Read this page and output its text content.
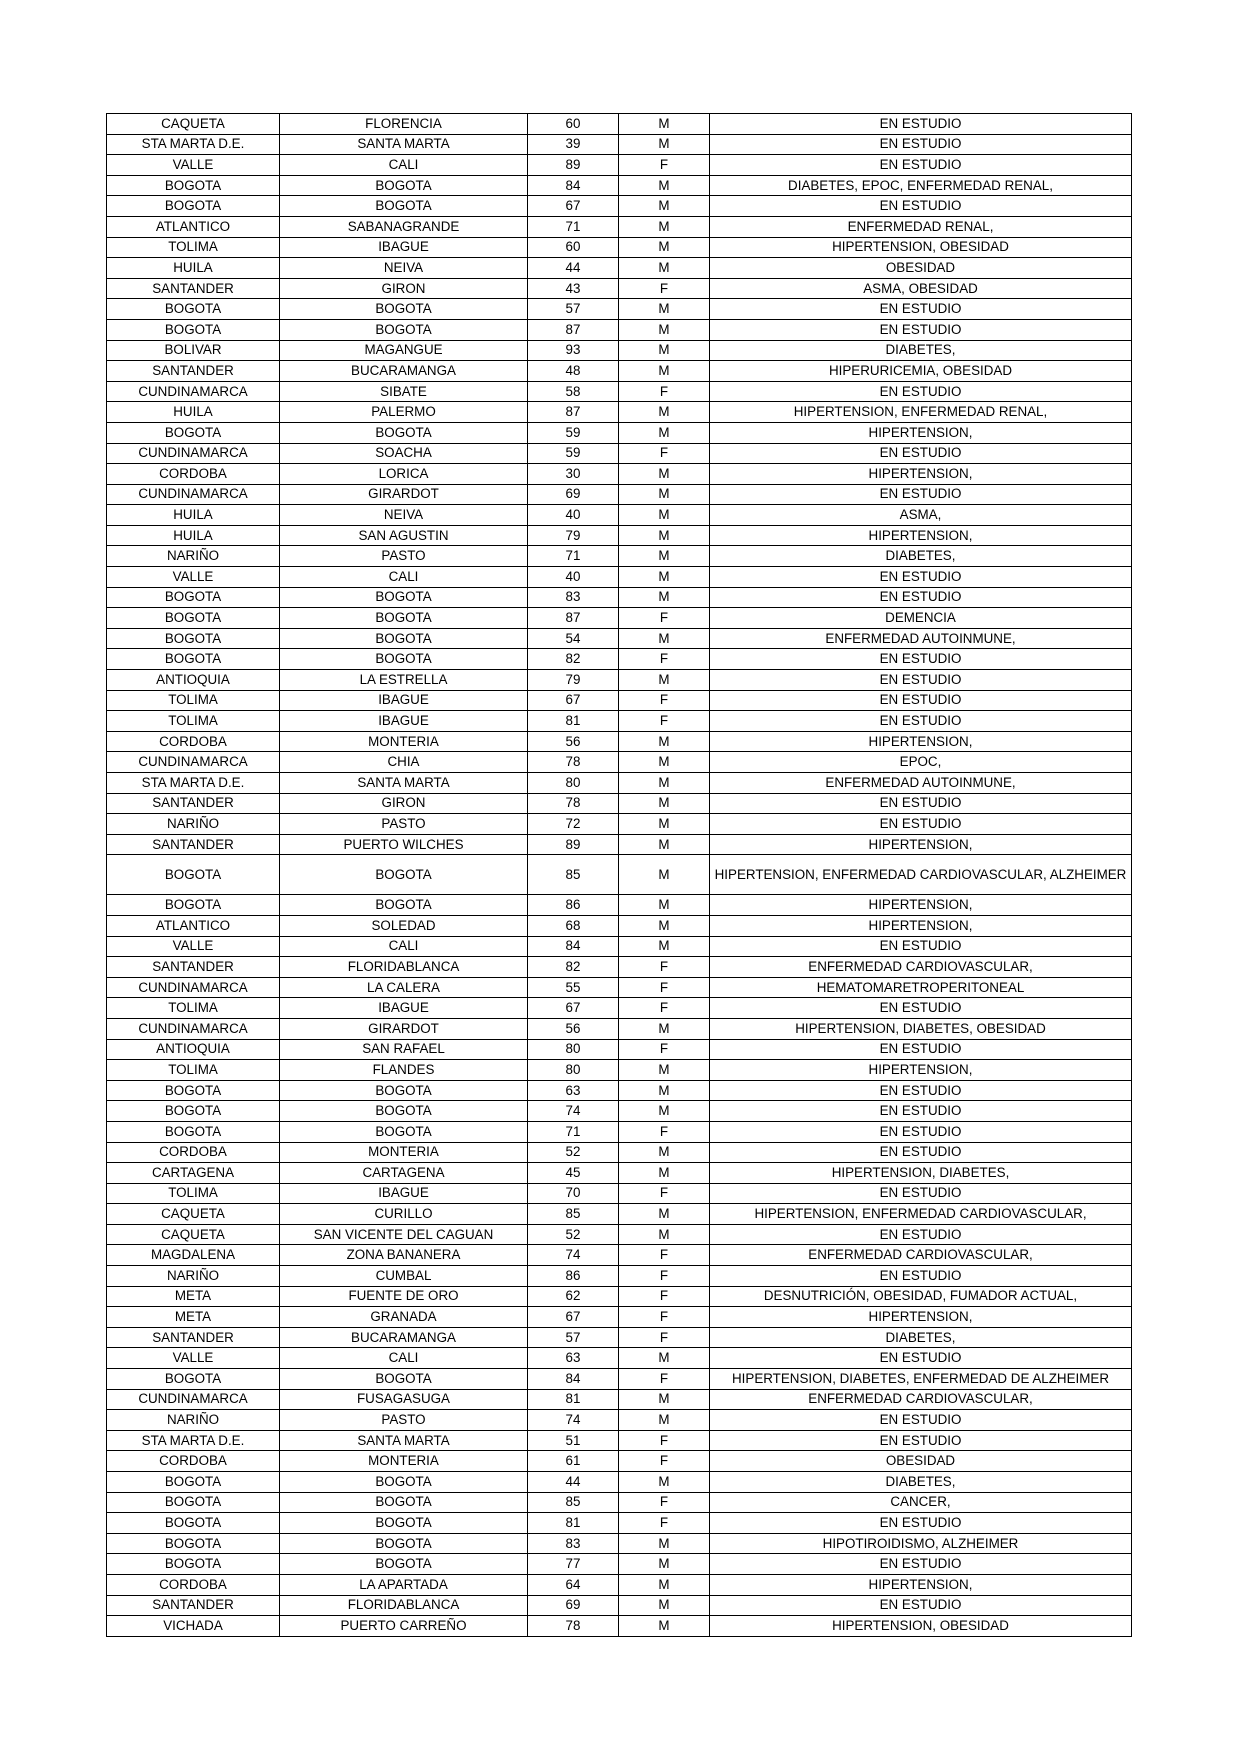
CAQUETA	FLORENCIA	60	M	EN ESTUDIO
STA MARTA D.E.	SANTA MARTA	39	M	EN ESTUDIO
VALLE	CALI	89	F	EN ESTUDIO
BOGOTA	BOGOTA	84	M	DIABETES, EPOC, ENFERMEDAD RENAL,
BOGOTA	BOGOTA	67	M	EN ESTUDIO
ATLANTICO	SABANAGRANDE	71	M	ENFERMEDAD RENAL,
TOLIMA	IBAGUE	60	M	HIPERTENSION, OBESIDAD
HUILA	NEIVA	44	M	OBESIDAD
SANTANDER	GIRON	43	F	ASMA, OBESIDAD
BOGOTA	BOGOTA	57	M	EN ESTUDIO
BOGOTA	BOGOTA	87	M	EN ESTUDIO
BOLIVAR	MAGANGUE	93	M	DIABETES,
SANTANDER	BUCARAMANGA	48	M	HIPERURICEMIA, OBESIDAD
CUNDINAMARCA	SIBATE	58	F	EN ESTUDIO
HUILA	PALERMO	87	M	HIPERTENSION, ENFERMEDAD RENAL,
BOGOTA	BOGOTA	59	M	HIPERTENSION,
CUNDINAMARCA	SOACHA	59	F	EN ESTUDIO
CORDOBA	LORICA	30	M	HIPERTENSION,
CUNDINAMARCA	GIRARDOT	69	M	EN ESTUDIO
HUILA	NEIVA	40	M	ASMA,
HUILA	SAN AGUSTIN	79	M	HIPERTENSION,
NARIÑO	PASTO	71	M	DIABETES,
VALLE	CALI	40	M	EN ESTUDIO
BOGOTA	BOGOTA	83	M	EN ESTUDIO
BOGOTA	BOGOTA	87	F	DEMENCIA
BOGOTA	BOGOTA	54	M	ENFERMEDAD AUTOINMUNE,
BOGOTA	BOGOTA	82	F	EN ESTUDIO
ANTIOQUIA	LA ESTRELLA	79	M	EN ESTUDIO
TOLIMA	IBAGUE	67	F	EN ESTUDIO
TOLIMA	IBAGUE	81	F	EN ESTUDIO
CORDOBA	MONTERIA	56	M	HIPERTENSION,
CUNDINAMARCA	CHIA	78	M	EPOC,
STA MARTA D.E.	SANTA MARTA	80	M	ENFERMEDAD AUTOINMUNE,
SANTANDER	GIRON	78	M	EN ESTUDIO
NARIÑO	PASTO	72	M	EN ESTUDIO
SANTANDER	PUERTO WILCHES	89	M	HIPERTENSION,
BOGOTA	BOGOTA	85	M	HIPERTENSION, ENFERMEDAD CARDIOVASCULAR, ALZHEIMER
BOGOTA	BOGOTA	86	M	HIPERTENSION,
ATLANTICO	SOLEDAD	68	M	HIPERTENSION,
VALLE	CALI	84	M	EN ESTUDIO
SANTANDER	FLORIDABLANCA	82	F	ENFERMEDAD CARDIOVASCULAR,
CUNDINAMARCA	LA CALERA	55	F	HEMATOMARETROPERITONEAL
TOLIMA	IBAGUE	67	F	EN ESTUDIO
CUNDINAMARCA	GIRARDOT	56	M	HIPERTENSION, DIABETES, OBESIDAD
ANTIOQUIA	SAN RAFAEL	80	F	EN ESTUDIO
TOLIMA	FLANDES	80	M	HIPERTENSION,
BOGOTA	BOGOTA	63	M	EN ESTUDIO
BOGOTA	BOGOTA	74	M	EN ESTUDIO
BOGOTA	BOGOTA	71	F	EN ESTUDIO
CORDOBA	MONTERIA	52	M	EN ESTUDIO
CARTAGENA	CARTAGENA	45	M	HIPERTENSION, DIABETES,
TOLIMA	IBAGUE	70	F	EN ESTUDIO
CAQUETA	CURILLO	85	M	HIPERTENSION, ENFERMEDAD CARDIOVASCULAR,
CAQUETA	SAN VICENTE DEL CAGUAN	52	M	EN ESTUDIO
MAGDALENA	ZONA BANANERA	74	F	ENFERMEDAD CARDIOVASCULAR,
NARIÑO	CUMBAL	86	F	EN ESTUDIO
META	FUENTE DE ORO	62	F	DESNUTRICIÓN, OBESIDAD, FUMADOR ACTUAL,
META	GRANADA	67	F	HIPERTENSION,
SANTANDER	BUCARAMANGA	57	F	DIABETES,
VALLE	CALI	63	M	EN ESTUDIO
BOGOTA	BOGOTA	84	F	HIPERTENSION, DIABETES, ENFERMEDAD DE ALZHEIMER
CUNDINAMARCA	FUSAGASUGA	81	M	ENFERMEDAD CARDIOVASCULAR,
NARIÑO	PASTO	74	M	EN ESTUDIO
STA MARTA D.E.	SANTA MARTA	51	F	EN ESTUDIO
CORDOBA	MONTERIA	61	F	OBESIDAD
BOGOTA	BOGOTA	44	M	DIABETES,
BOGOTA	BOGOTA	85	F	CANCER,
BOGOTA	BOGOTA	81	F	EN ESTUDIO
BOGOTA	BOGOTA	83	M	HIPOTIROIDISMO, ALZHEIMER
BOGOTA	BOGOTA	77	M	EN ESTUDIO
CORDOBA	LA APARTADA	64	M	HIPERTENSION,
SANTANDER	FLORIDABLANCA	69	M	EN ESTUDIO
VICHADA	PUERTO CARREÑO	78	M	HIPERTENSION, OBESIDAD
